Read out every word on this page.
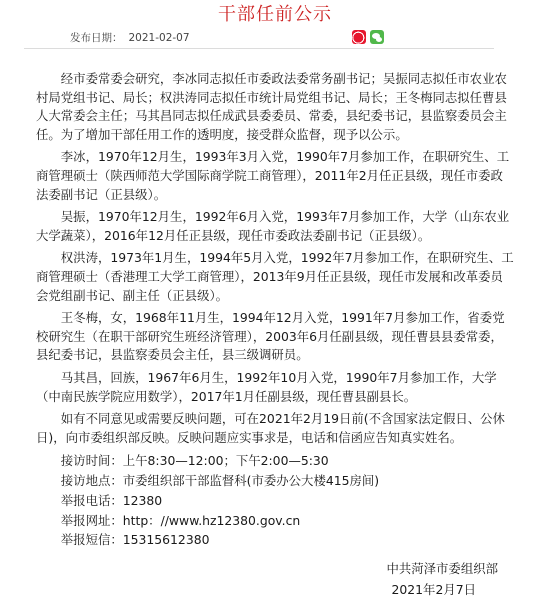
干部任前公示
发布日期： 2021-02-07

经市委常委会研究，李冰同志拟任市委政法委常务副书记；吴振同志拟任市农业农村局党组书记、局长；权洪涛同志拟任市统计局党组书记、局长；王冬梅同志拟任曹县人大常委会主任；马其昌同志拟任成武县委委员、常委，县纪委书记，县监察委员会主任。为了增加干部任用工作的透明度，接受群众监督，现予以公示。

李冰，1970年12月生，1993年3月入党，1990年7月参加工作，在职研究生、工商管理硕士（陕西师范大学国际商学院工商管理），2011年2月任正县级，现任市委政法委副书记（正县级）。

吴振，1970年12月生，1992年6月入党，1993年7月参加工作，大学（山东农业大学蔬菜），2016年12月任正县级，现任市委政法委副书记（正县级）。

权洪涛，1973年1月生，1994年5月入党，1992年7月参加工作，在职研究生、工商管理硕士（香港理工大学工商管理），2013年9月任正县级，现任市发展和改革委员会党组副书记、副主任（正县级）。

王冬梅，女，1968年11月生，1994年12月入党，1991年7月参加工作，省委党校研究生（在职干部研究生班经济管理），2003年6月任副县级，现任曹县县委常委，县纪委书记，县监察委员会主任，县三级调研员。

马其昌，回族，1967年6月生，1992年10月入党，1990年7月参加工作，大学（中南民族学院应用数学），2017年1月任副县级，现任曹县副县长。

如有不同意见或需要反映问题，可在2021年2月19日前(不含国家法定假日、公休日)，向市委组织部反映。反映问题应实事求是，电话和信函应告知真实姓名。

接访时间：上午8:30—12:00；下午2:00—5:30

接访地点：市委组织部干部监督科(市委办公大楼415房间)

举报电话：12380

举报网址：http：//www.hz12380.gov.cn

举报短信：15315612380

中共菏泽市委组织部
2021年2月7日
